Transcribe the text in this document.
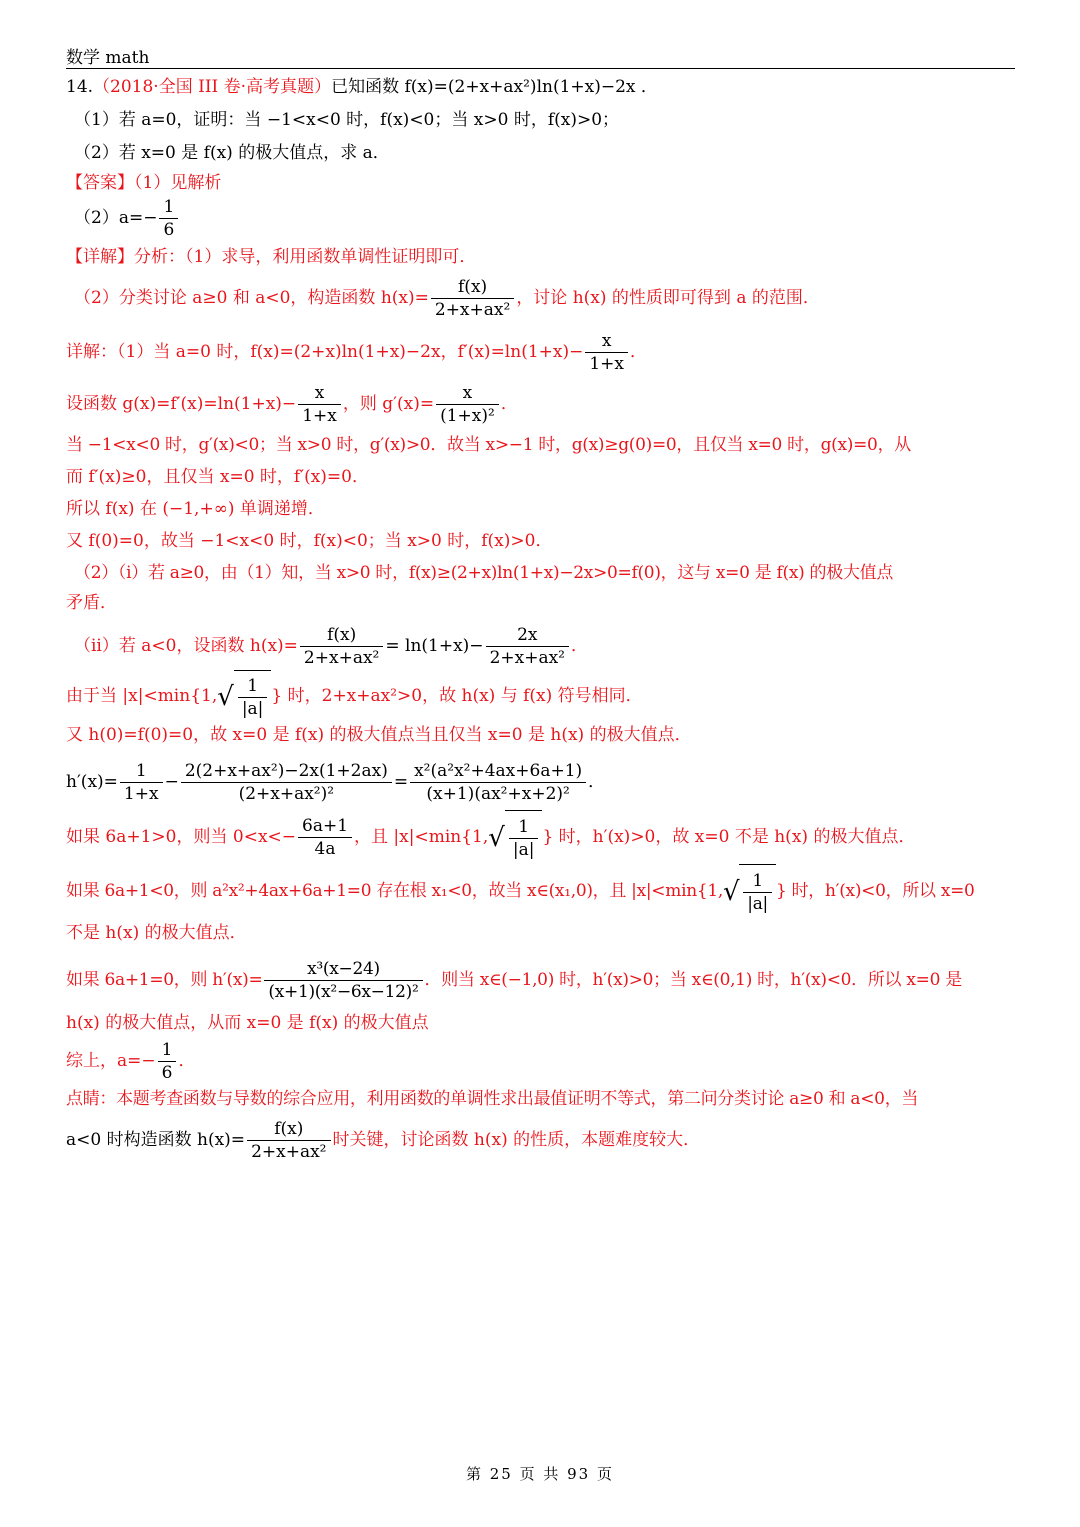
数学 math
14.（2018·全国 III 卷·高考真题）已知函数 f(x)=(2+x+ax²)ln(1+x)−2x ．
（1）若 a=0，证明：当 −1<x<0 时，f(x)<0；当 x>0 时，f(x)>0；
（2）若 x=0 是 f(x) 的极大值点，求 a．
【答案】（1）见解析
$(2)a=- \frac{1}{6}$
【详解】分析：（1）求导，利用函数单调性证明即可．
（2）分类讨论 a≥0 和 a<0，构造函数 $h(x)= \frac{f(x)}{\text{2+x+ax²}}$ ，讨论 h(x) 的性质即可得到 a 的范围．
详解：（1）当 a=0 时，f(x)=(2+x)ln(1+x)−2x，$f'(x)=\ln(1+x)- \frac{x}{1+x}$ ．
设函数 $g(x)=f'(x)=\ln(1+x)- \frac{x}{1+x}$ ，则 $g'(x)= \frac{x}{\text{(1+x)²}}$ ．
当 −1<x<0 时，g′(x)<0；当 x>0 时，g′(x)>0．故当 x>−1 时，g(x)≥g(0)=0，且仅当 x=0 时，g(x)=0，从
而 f′(x)≥0，且仅当 x=0 时，f′(x)=0．
所以 f(x) 在 (−1,+∞) 单调递增．
又 f(0)=0，故当 −1<x<0 时，f(x)<0；当 x>0 时，f(x)>0．
（2）（i）若 a≥0，由（1）知，当 x>0 时，f(x)≥(2+x)ln(1+x)−2x>0=f(0)，这与 x=0 是 f(x) 的极大值点
矛盾．
（ii）若 a<0，设函数 $h(x)= \frac{f(x)}{\text{2+x+ax²}} = \ln(1+x)- \frac{2x}{\text{2+x+ax²}}$ ．
由于当 $|x|<\min\{1,√ \frac{1}{|a|}$ } 时，2+x+ax²>0，故 h(x) 与 f(x) 符号相同．
又 h(0)=f(0)=0，故 x=0 是 f(x) 的极大值点当且仅当 x=0 是 h(x) 的极大值点．
$h'(x)= \frac{1}{1+x} - \frac{\text{2(2+x+ax²)−2x(1+2ax)}}{\text{(2+x+ax²)²}} = \frac{\text{x²(a²x²+4ax+6a+1)}}{\text{(x+1)(ax²+x+2)²}}$ ．
如果 6a+1>0，则当 $0<x<- \frac{6a+1}{4a}$ ，且 $|x|<\min\{1,√ \frac{1}{|a|}$ } 时，h′(x)>0，故 x=0 不是 h(x) 的极大值点．
如果 6a+1<0，则 a²x²+4ax+6a+1=0 存在根 x₁<0，故当 x∈(x₁,0)，且 $|x|<\min\{1,√ \frac{1}{|a|}$ } 时，h′(x)<0，所以 x=0
不是 h(x) 的极大值点．
如果 6a+1=0，则 $h'(x)= \frac{\text{x³(x−24)}}{\text{(x+1)(x²−6x−12)²}}$ ．则当 x∈(−1,0) 时，h′(x)>0；当 x∈(0,1) 时，h′(x)<0．所以 x=0 是
h(x) 的极大值点，从而 x=0 是 f(x) 的极大值点
综上，$a=- \frac{1}{6}$ ．
点睛：本题考查函数与导数的综合应用，利用函数的单调性求出最值证明不等式，第二问分类讨论 a≥0 和 a<0，当
a<0 时构造函数 $h(x)= \frac{f(x)}{\text{2+x+ax²}}$ 时关键，讨论函数 h(x) 的性质，本题难度较大．
第 25 页 共 93 页
